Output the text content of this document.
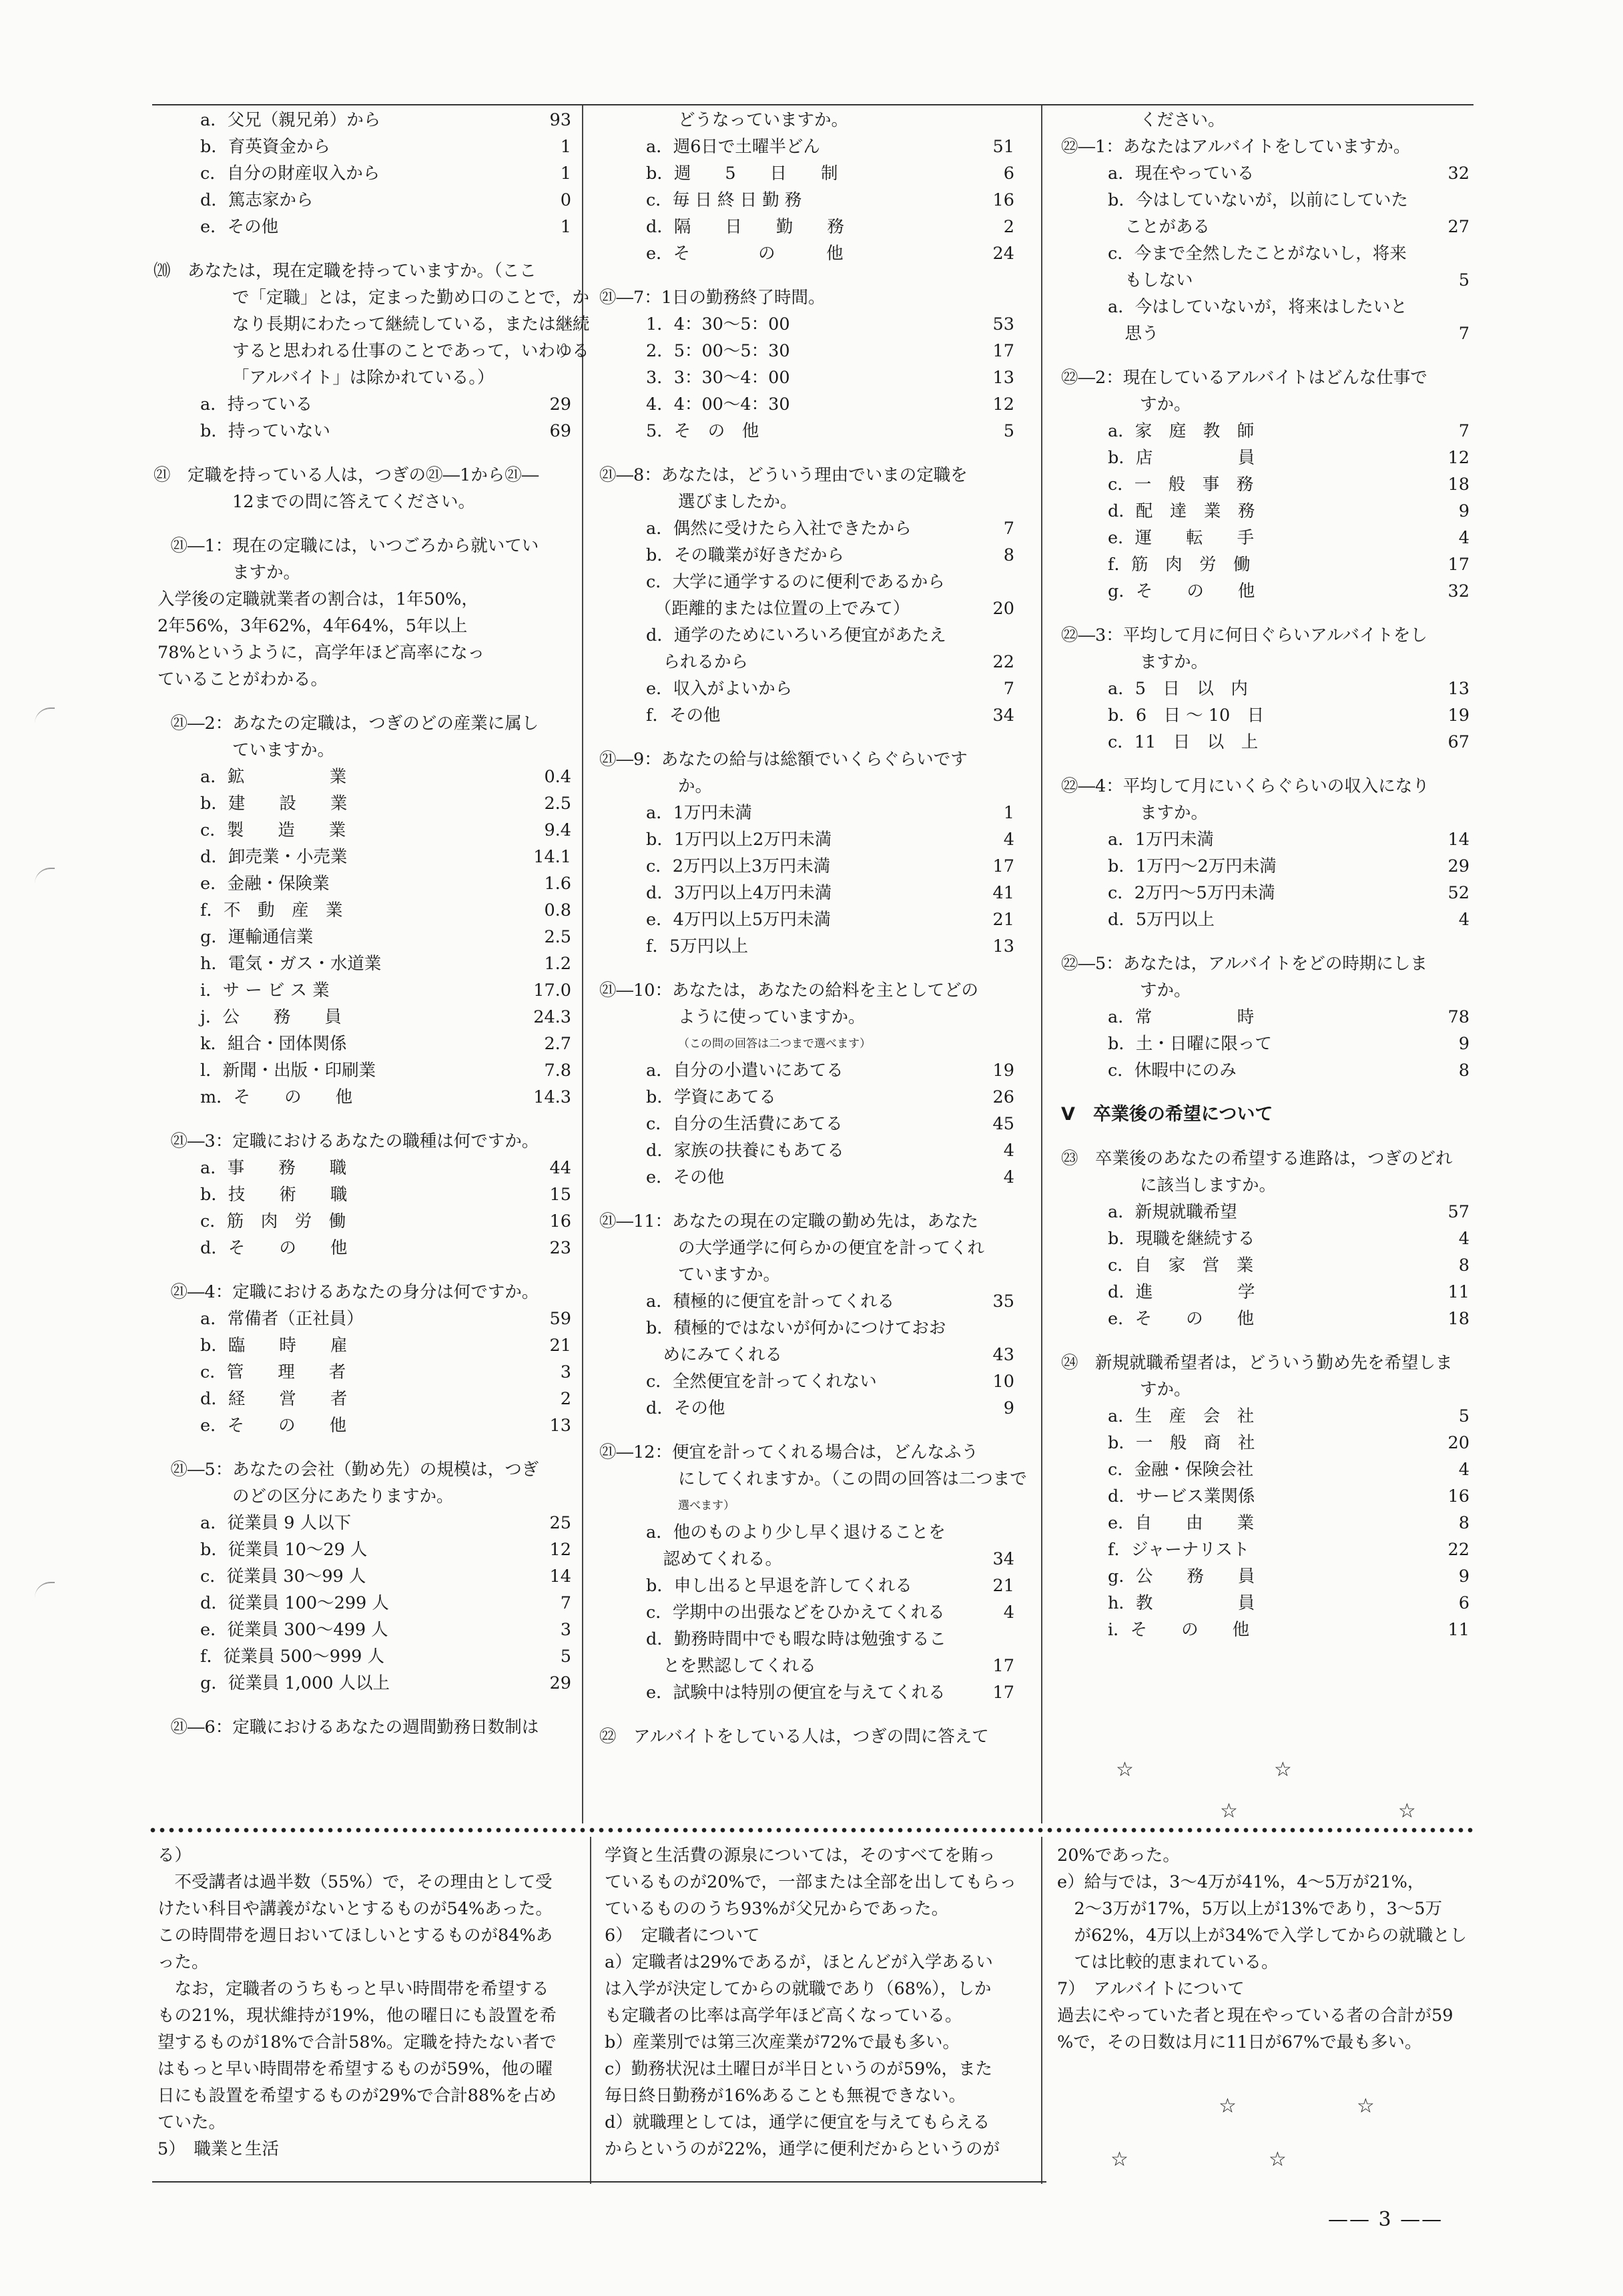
a．父兄（親兄弟）から	93
b．育英資金から	1
c．自分の財産収入から	1
d．篤志家から	0
e．その他	1
⒇　あなたは，現在定職を持っていますか。（ここ
で「定職」とは，定まった勤め口のことで，か
なり長期にわたって継続している，または継続
すると思われる仕事のことであって，いわゆる
「アルバイト」は除かれている。）
a．持っている	29
b．持っていない	69
㉑　定職を持っている人は，つぎの㉑―1から㉑―
12までの問に答えてください。
　㉑―1：現在の定職には，いつごろから就いてい
ますか。
入学後の定職就業者の割合は，1年50%，
2年56%，3年62%，4年64%，5年以上
78%というように，高学年ほど高率になっ
ていることがわかる。
　㉑―2：あなたの定職は，つぎのどの産業に属し
ていますか。
a．鉱　　　　　業	0.4
b．建　　設　　業	2.5
c．製　　造　　業	9.4
d．卸売業・小売業	14.1
e．金融・保険業	1.6
f．不　動　産　業	0.8
g．運輸通信業	2.5
h．電気・ガス・水道業	1.2
i．サ ー ビ ス 業	17.0
j．公　　務　　員	24.3
k．組合・団体関係	2.7
l．新聞・出版・印刷業	7.8
m．そ　　の　　他	14.3
　㉑―3：定職におけるあなたの職種は何ですか。
a．事　　務　　職	44
b．技　　術　　職	15
c．筋　肉　労　働	16
d．そ　　の　　他	23
　㉑―4：定職におけるあなたの身分は何ですか。
a．常備者（正社員）	59
b．臨　　時　　雇	21
c．管　　理　　者	3
d．経　　営　　者	2
e．そ　　の　　他	13
　㉑―5：あなたの会社（勤め先）の規模は，つぎ
のどの区分にあたりますか。
a．従業員 9 人以下	25
b．従業員 10～29 人	12
c．従業員 30～99 人	14
d．従業員 100～299 人	7
e．従業員 300～499 人	3
f．従業員 500～999 人	5
g．従業員 1,000 人以上	29
　㉑―6：定職におけるあなたの週間勤務日数制は
どうなっていますか。
a．週6日で土曜半どん	51
b．週　　5　　日　　制	6
c．毎 日 終 日 勤 務	16
d．隔　　日　　勤　　務	2
e．そ　　　　の　　　他	24
㉑―7：1日の勤務終了時間。
1．4：30～5：00	53
2．5：00～5：30	17
3．3：30～4：00	13
4．4：00～4：30	12
5．そ　の　他	5
㉑―8：あなたは，どういう理由でいまの定職を
選びましたか。
a．偶然に受けたら入社できたから	7
b．その職業が好きだから	8
c．大学に通学するのに便利であるから
　（距離的または位置の上でみて）	20
d．通学のためにいろいろ便宜があたえ
　られるから	22
e．収入がよいから	7
f．その他	34
㉑―9：あなたの給与は総額でいくらぐらいです
か。
a．1万円未満	1
b．1万円以上2万円未満	4
c．2万円以上3万円未満	17
d．3万円以上4万円未満	41
e．4万円以上5万円未満	21
f．5万円以上	13
㉑―10：あなたは，あなたの給料を主としてどの
ように使っていますか。
（この問の回答は二つまで選べます）
a．自分の小遣いにあてる	19
b．学資にあてる	26
c．自分の生活費にあてる	45
d．家族の扶養にもあてる	4
e．その他	4
㉑―11：あなたの現在の定職の勤め先は，あなた
の大学通学に何らかの便宜を計ってくれ
ていますか。
a．積極的に便宜を計ってくれる	35
b．積極的ではないが何かにつけておお
　めにみてくれる	43
c．全然便宜を計ってくれない	10
d．その他	9
㉑―12：便宜を計ってくれる場合は，どんなふう
にしてくれますか。（この問の回答は二つまで
選べます）
a．他のものより少し早く退けることを
　認めてくれる。	34
b．申し出ると早退を許してくれる	21
c．学期中の出張などをひかえてくれる	4
d．勤務時間中でも暇な時は勉強するこ
　とを黙認してくれる	17
e．試験中は特別の便宜を与えてくれる	17
㉒　アルバイトをしている人は，つぎの問に答えて
ください。
㉒―1：あなたはアルバイトをしていますか。
a．現在やっている	32
b．今はしていないが，以前にしていた
　ことがある	27
c．今まで全然したことがないし，将来
　もしない	5
a．今はしていないが，将来はしたいと
　思う	7
㉒―2：現在しているアルバイトはどんな仕事で
すか。
a．家　庭　教　師	7
b．店　　　　　員	12
c．一　般　事　務	18
d．配　達　業　務	9
e．運　　転　　手	4
f．筋　肉　労　働	17
g．そ　　の　　他	32
㉒―3：平均して月に何日ぐらいアルバイトをし
ますか。
a．5　日　以　内	13
b．6　日 ～ 10　日	19
c．11　日　以　上	67
㉒―4：平均して月にいくらぐらいの収入になり
ますか。
a．1万円未満	14
b．1万円～2万円未満	29
c．2万円～5万円未満	52
d．5万円以上	4
㉒―5：あなたは，アルバイトをどの時期にしま
すか。
a．常　　　　　時	78
b．土・日曜に限って	9
c．休暇中にのみ	8
Ⅴ　卒業後の希望について
㉓　卒業後のあなたの希望する進路は，つぎのどれ
に該当しますか。
a．新規就職希望	57
b．現職を継続する	4
c．自　家　営　業	8
d．進　　　　　学	11
e．そ　　の　　他	18
㉔　新規就職希望者は，どういう勤め先を希望しま
すか。
a．生　産　会　社	5
b．一　般　商　社	20
c．金融・保険会社	4
d．サービス業関係	16
e．自　　由　　業	8
f．ジャーナリスト	22
g．公　　務　　員	9
h．教　　　　　員	6
i．そ　　の　　他	11
☆　　　　　　　☆
☆　　　　　　　　☆
る）
　不受講者は過半数（55%）で，その理由として受
けたい科目や講義がないとするものが54%あった。
この時間帯を週日おいてほしいとするものが84%あ
った。
　なお，定職者のうちもっと早い時間帯を希望する
もの21%，現状維持が19%，他の曜日にも設置を希
望するものが18%で合計58%。定職を持たない者で
はもっと早い時間帯を希望するものが59%，他の曜
日にも設置を希望するものが29%で合計88%を占め
ていた。
5）　職業と生活
学資と生活費の源泉については，そのすべてを賄っ
ているものが20%で，一部または全部を出してもらっ
ているもののうち93%が父兄からであった。
6）　定職者について
a）定職者は29%であるが，ほとんどが入学あるい
は入学が決定してからの就職であり（68%），しか
も定職者の比率は高学年ほど高くなっている。
b）産業別では第三次産業が72%で最も多い。
c）勤務状況は土曜日が半日というのが59%，また
毎日終日勤務が16%あることも無視できない。
d）就職理としては，通学に便宜を与えてもらえる
からというのが22%，通学に便利だからというのが
20%であった。
e）給与では，3～4万が41%，4～5万が21%，
　2～3万が17%，5万以上が13%であり，3～5万
　が62%，4万以上が34%で入学してからの就職とし
　ては比較的恵まれている。
7）　アルバイトについて
過去にやっていた者と現在やっている者の合計が59
%で，その日数は月に11日が67%で最も多い。
☆　　　　　　☆
☆　　　　　　　☆
—— 3 ——
